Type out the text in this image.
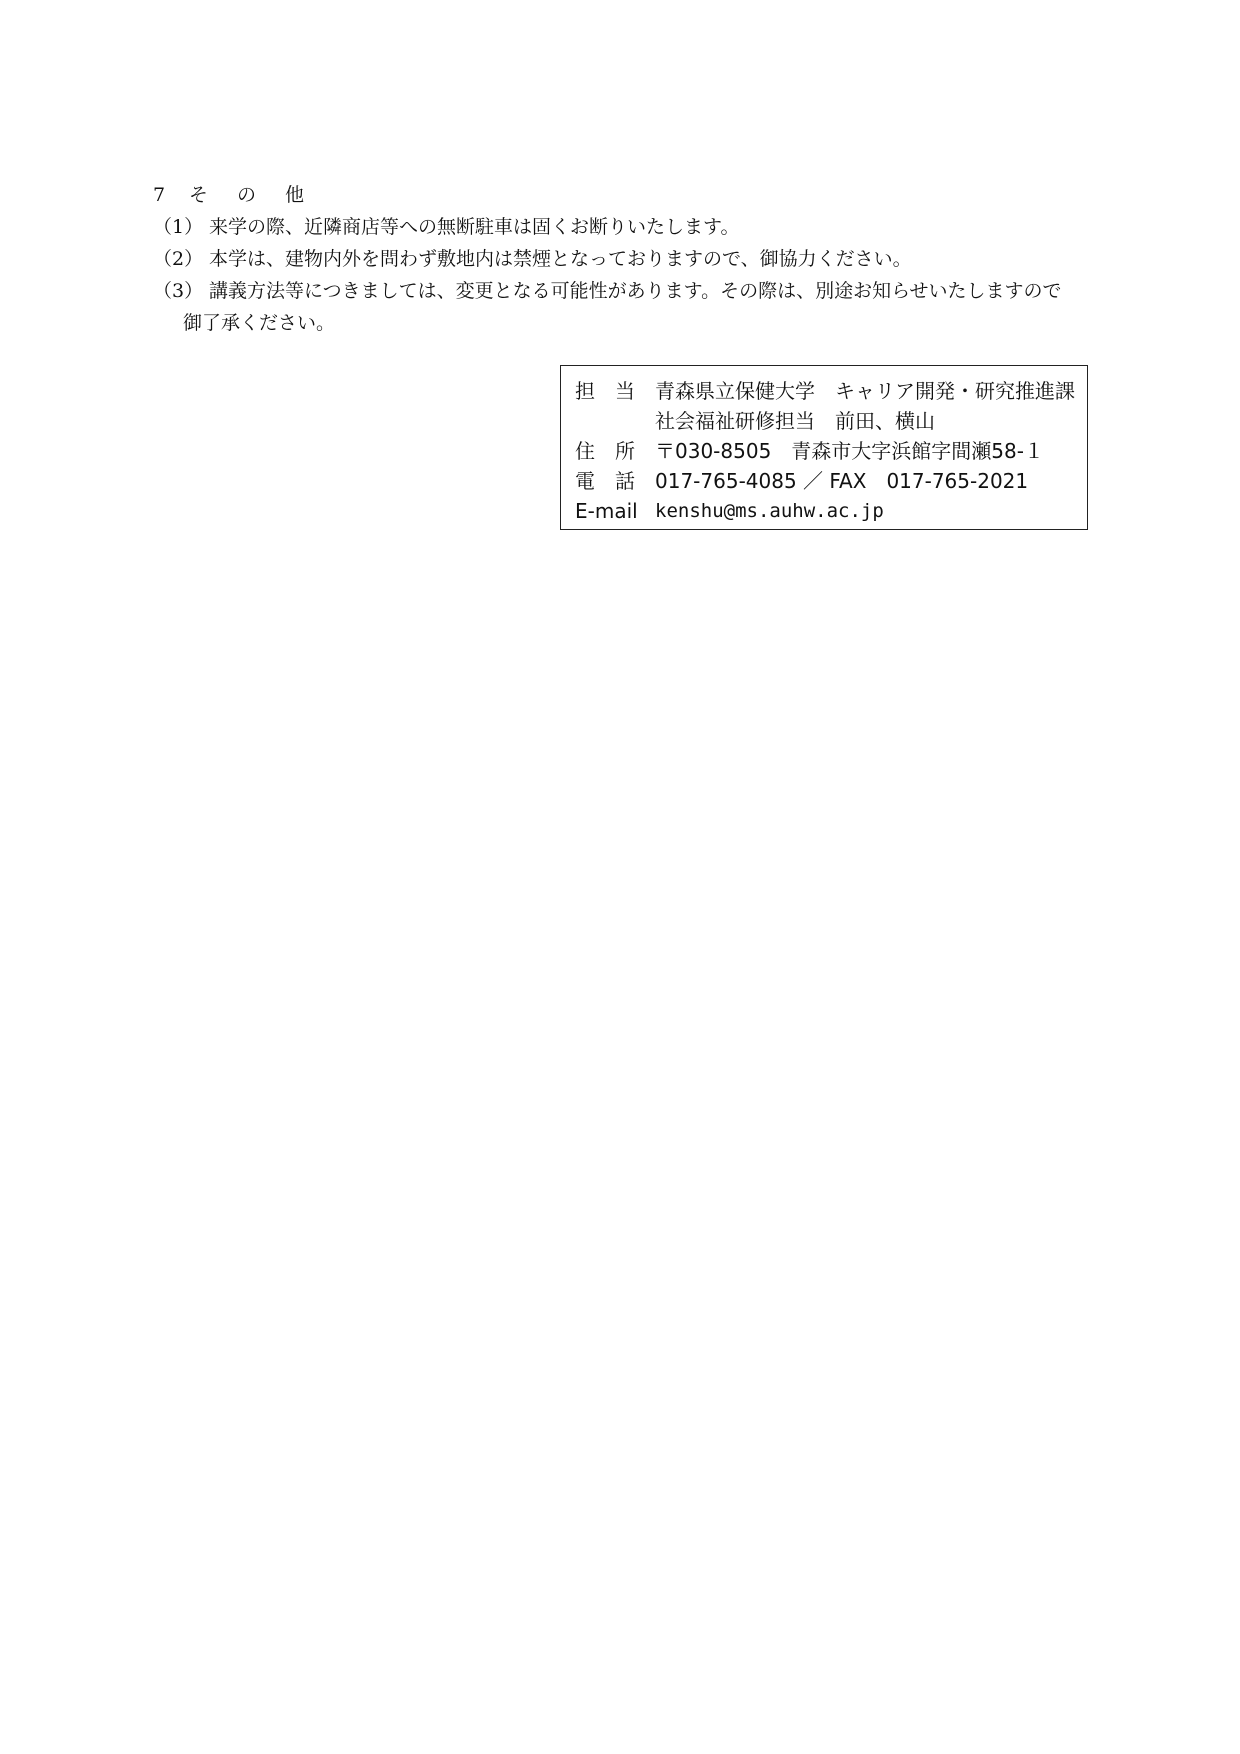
7 そ の 他
（1） 来学の際、近隣商店等への無断駐車は固くお断りいたします。
（2） 本学は、建物内外を問わず敷地内は禁煙となっておりますので、御協力ください。
（3） 講義方法等につきましては、変更となる可能性があります。その際は、別途お知らせいたしますので
御了承ください。
担　当	青森県立保健大学　キャリア開発・研究推進課
社会福祉研修担当　前田、横山
住　所	〒030-8505　青森市大字浜館字間瀬58-１
電　話	017-765-4085 ／ FAX　017-765-2021
E-mail kenshu@ms.auhw.ac.jp
